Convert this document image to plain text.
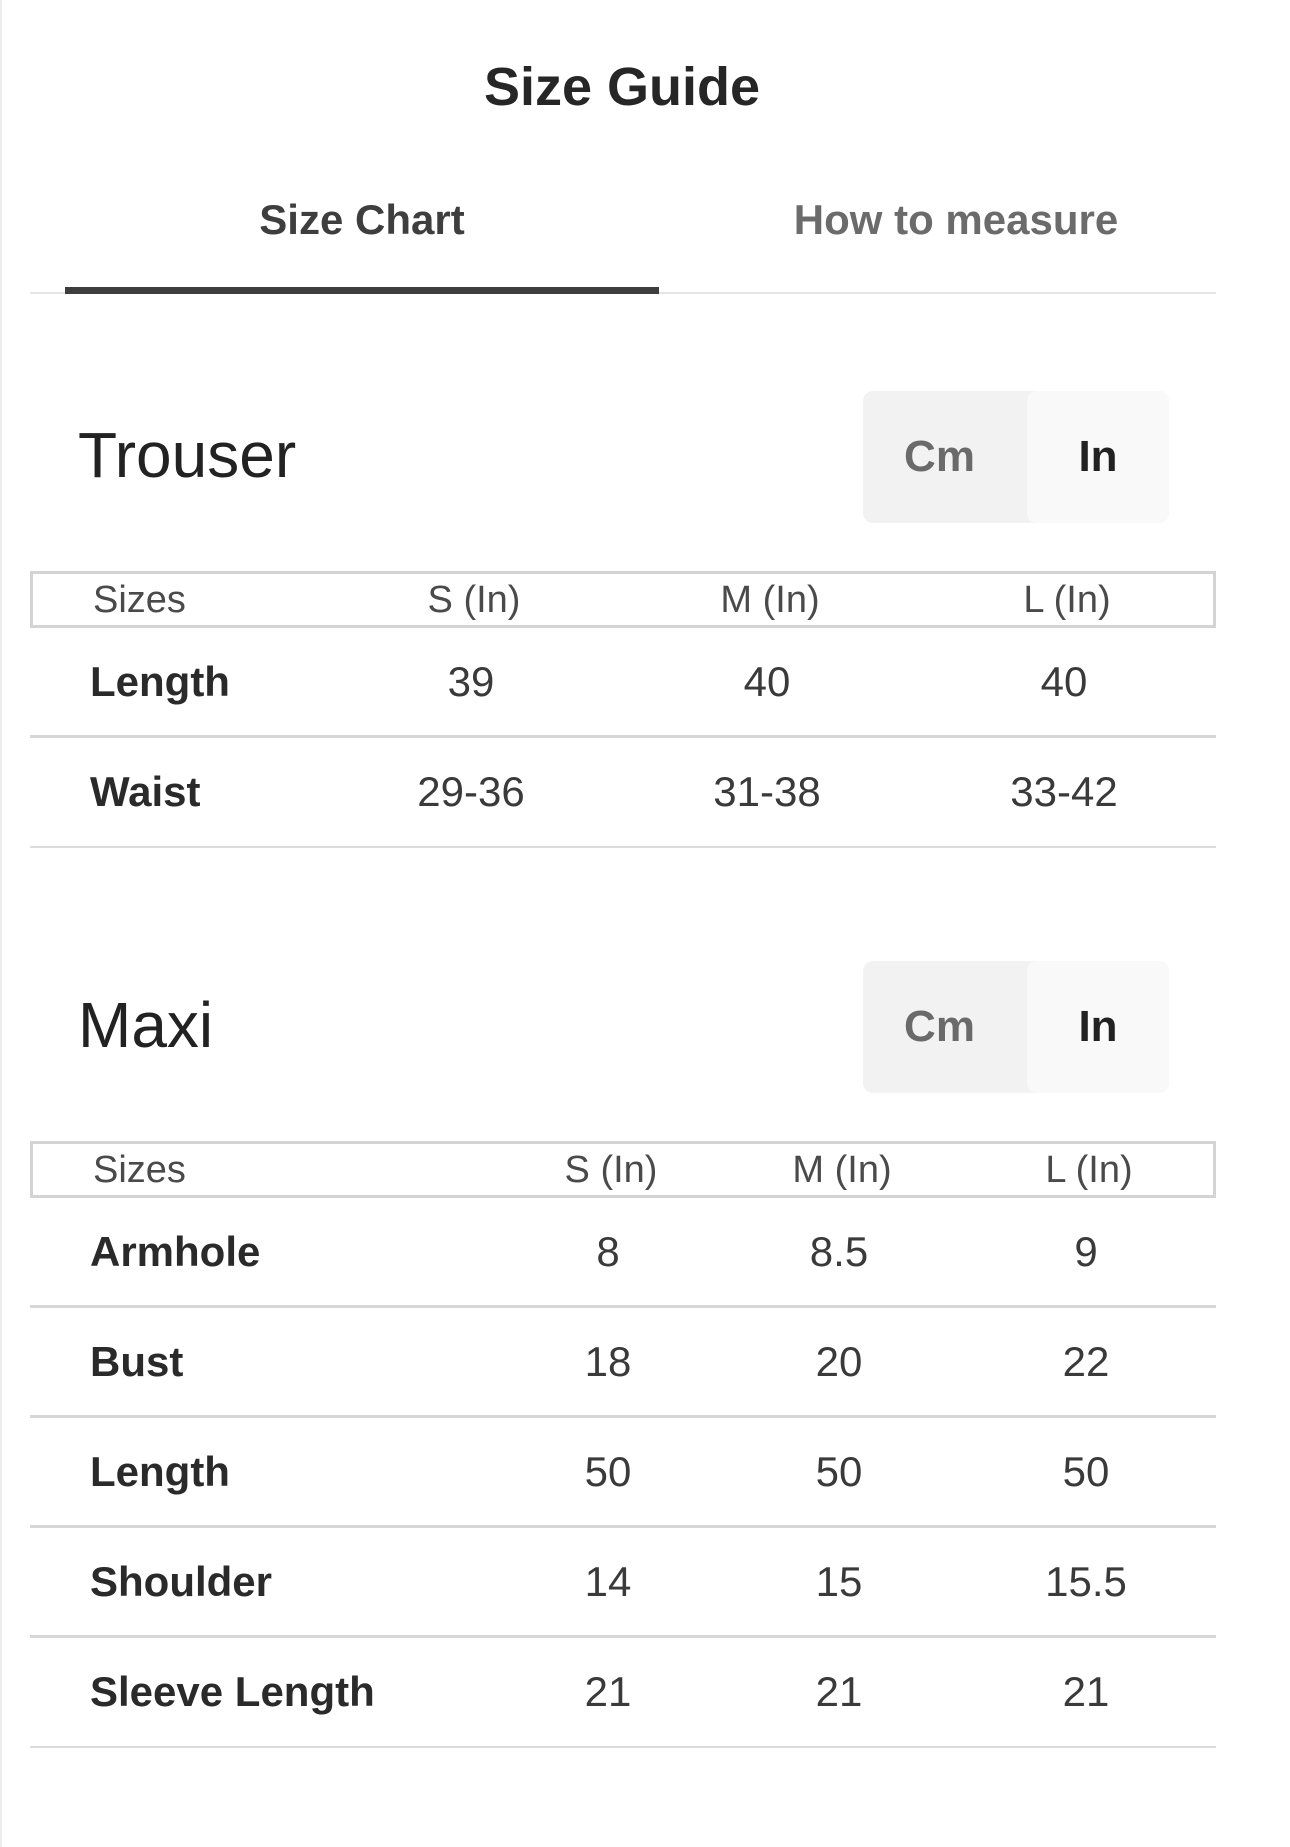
Size Guide
Size Chart	How to measure
Trouser	Cm	In
Sizes	S (In)	M (In)	L (In)
Length	39	40	40
Waist	29-36	31-38	33-42
Maxi	Cm	In
Sizes	S (In)	M (In)	L (In)
Armhole	8	8.5	9
Bust	18	20	22
Length	50	50	50
Shoulder	14	15	15.5
Sleeve Length	21	21	21
